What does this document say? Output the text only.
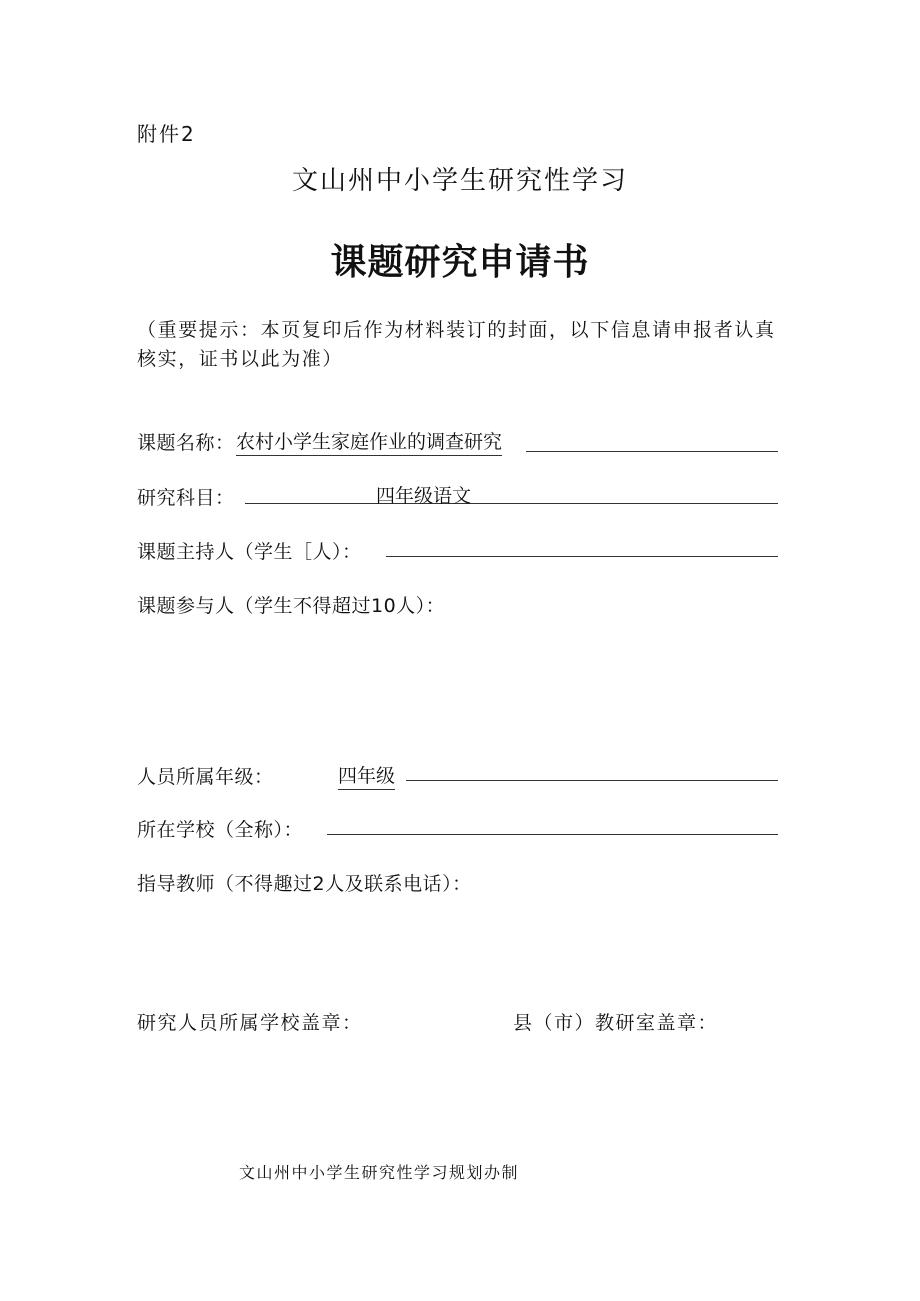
附件2
文山州中小学生研究性学习
课题研究申请书
（重要提示：本页复印后作为材料装订的封面，以下信息请申报者认真核实，证书以此为准）
课题名称： 农村小学生家庭作业的调查研究
研究科目：	四年级语文
课题主持人（学生［人）：
课题参与人（学生不得超过10人）：
人员所属年级：	四年级
所在学校（全称）：
指导教师（不得趣过2人及联系电话）：
研究人员所属学校盖章：	县（市）教研室盖章：
文山州中小学生研究性学习规划办制
